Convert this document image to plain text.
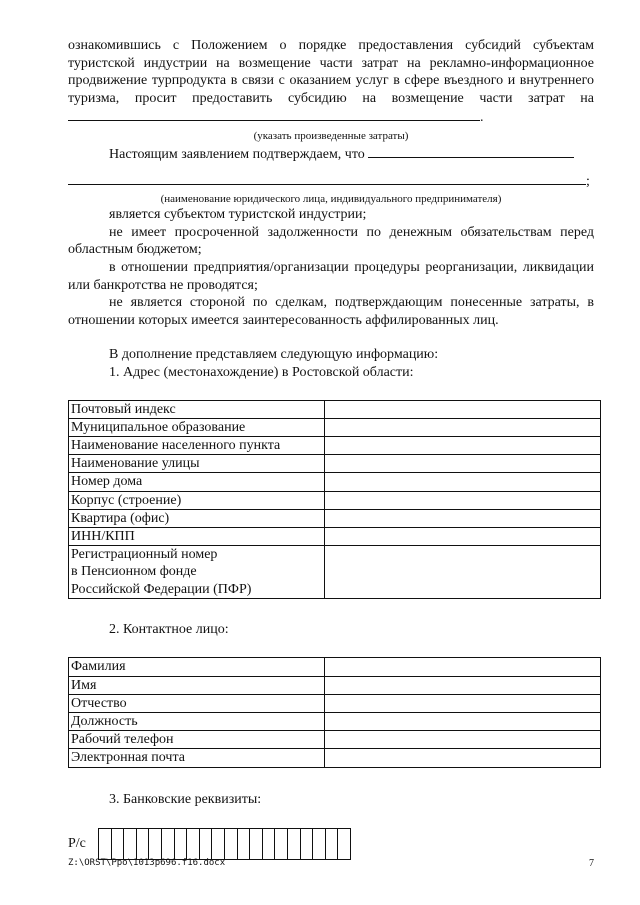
ознакомившись с Положением о порядке предоставления субсидий субъектам туристской индустрии на возмещение части затрат на рекламно-информационное продвижение турпродукта в связи с оказанием услуг в сфере въездного и внутреннего туризма, просит предоставить субсидию на возмещение части затрат на .

(указать произведенные затраты)

Настоящим заявлением подтверждаем, что

;

(наименование юридического лица, индивидуального предпринимателя)

является субъектом туристской индустрии;

не имеет просроченной задолженности по денежным обязательствам перед областным бюджетом;

в отношении предприятия/организации процедуры реорганизации, ликвидации или банкротства не проводятся;

не является стороной по сделкам, подтверждающим понесенные затраты, в отношении которых имеется заинтересованность аффилированных лиц.

В дополнение представляем следующую информацию:

1. Адрес (местонахождение) в Ростовской области:

Почтовый индекс	
Муниципальное образование	
Наименование населенного пункта	
Наименование улицы	
Номер дома	
Корпус (строение)	
Квартира (офис)	
ИНН/КПП	

Регистрационный номер
в Пенсионном фонде
Российской Федерации (ПФР)	

2. Контактное лицо:

Фамилия	
Имя	
Отчество	
Должность	
Рабочий телефон	
Электронная почта	

3. Банковские реквизиты:

Р/с
Z:\ORST\Ppo\1013p696.f16.docx	7
